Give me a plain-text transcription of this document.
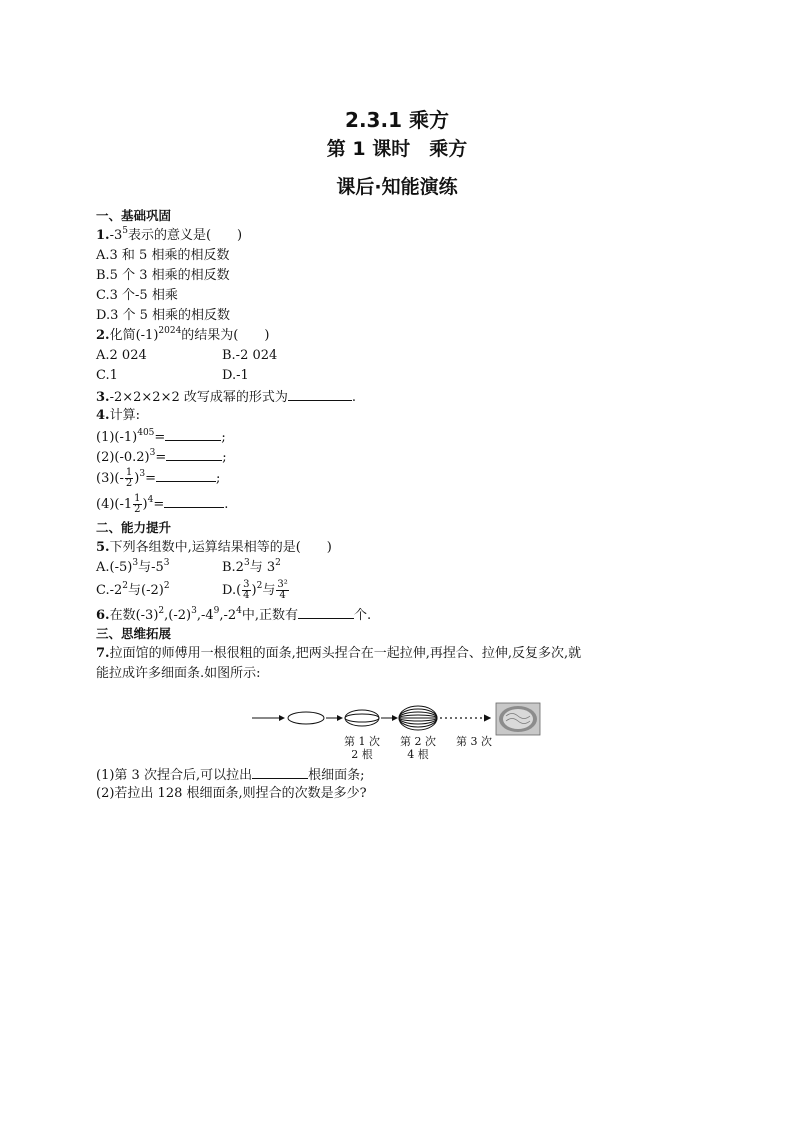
2.3.1 乘方
第 1 课时　乘方
课后·知能演练
一、基础巩固
$1.-3^5$表示的意义是(　　)
A.3 和 5 相乘的相反数
B.5 个 3 相乘的相反数
C.3 个-5 相乘
D.3 个 5 相乘的相反数
2.化简$(-1)^{2024}$的结果为(　　)
A.2 024	B.-2 024
C.1	D.-1
3.-2×2×2×2 改写成幂的形式为	.
4.计算:
$(1)(-1)^{405}=$	;
$(2)(-0.2)^3=$	;
$(3)(- \frac{1}{2} )^3=$	;
$(4)(-1 \frac{1}{2} )^4=$	.
二、能力提升
5.下列各组数中,运算结果相等的是(　　)
$A.(-5)^3$与$-5^3$	$B.2^3$与 $3^2$
$C.-2^2$与$(-2)^2$	$D.( \frac{3}{4} )^2$与 $\frac{\text{3²}}{4}$
6.在数$(-3)^2,(-2)^3,-4^9,-2^4$中,正数有	个.
三、思维拓展
7.拉面馆的师傅用一根很粗的面条,把两头捏合在一起拉伸,再捏合、拉伸,反复多次,就
能拉成许多细面条.如图所示:
第 1 次
2 根
第 2 次
4 根
第 3 次
(1)第 3 次捏合后,可以拉出	根细面条;
(2)若拉出 128 根细面条,则捏合的次数是多少?
